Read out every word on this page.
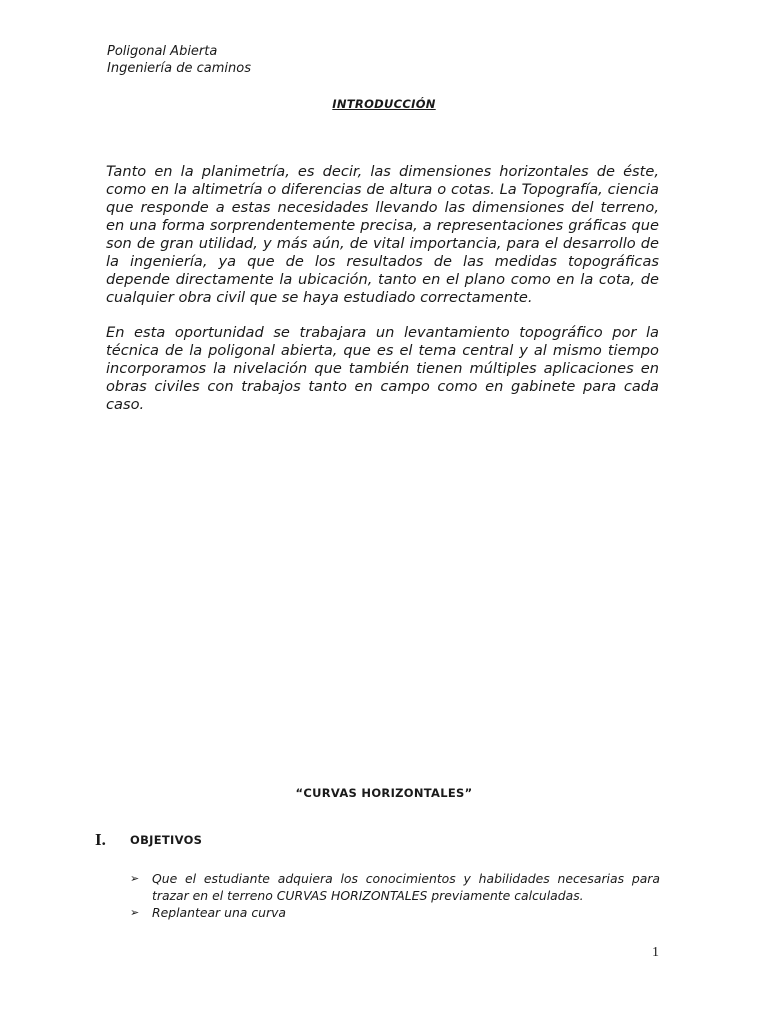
Poligonal Abierta
Ingeniería de caminos
INTRODUCCIÓN

Tanto en la planimetría, es decir, las dimensiones horizontales de éste, como en la altimetría o diferencias de altura o cotas. La Topografía, ciencia que responde a estas necesidades llevando las dimensiones del terreno, en una forma sorprendentemente precisa, a representaciones gráficas que son de gran utilidad, y más aún, de vital importancia, para el desarrollo de la ingeniería, ya que de los resultados de las medidas topográficas depende directamente la ubicación, tanto en el plano como en la cota, de cualquier obra civil que se haya estudiado correctamente.

En esta oportunidad se trabajara un levantamiento topográfico por la técnica de la poligonal abierta, que es el tema central y al mismo tiempo incorporamos la nivelación que también tienen múltiples aplicaciones en obras civiles con trabajos tanto en campo como en gabinete para cada caso.

“CURVAS HORIZONTALES”
I. OBJETIVOS
➢ Que el estudiante adquiera los conocimientos y habilidades necesarias para trazar en el terreno CURVAS HORIZONTALES previamente calculadas.
➢ Replantear una curva
1
